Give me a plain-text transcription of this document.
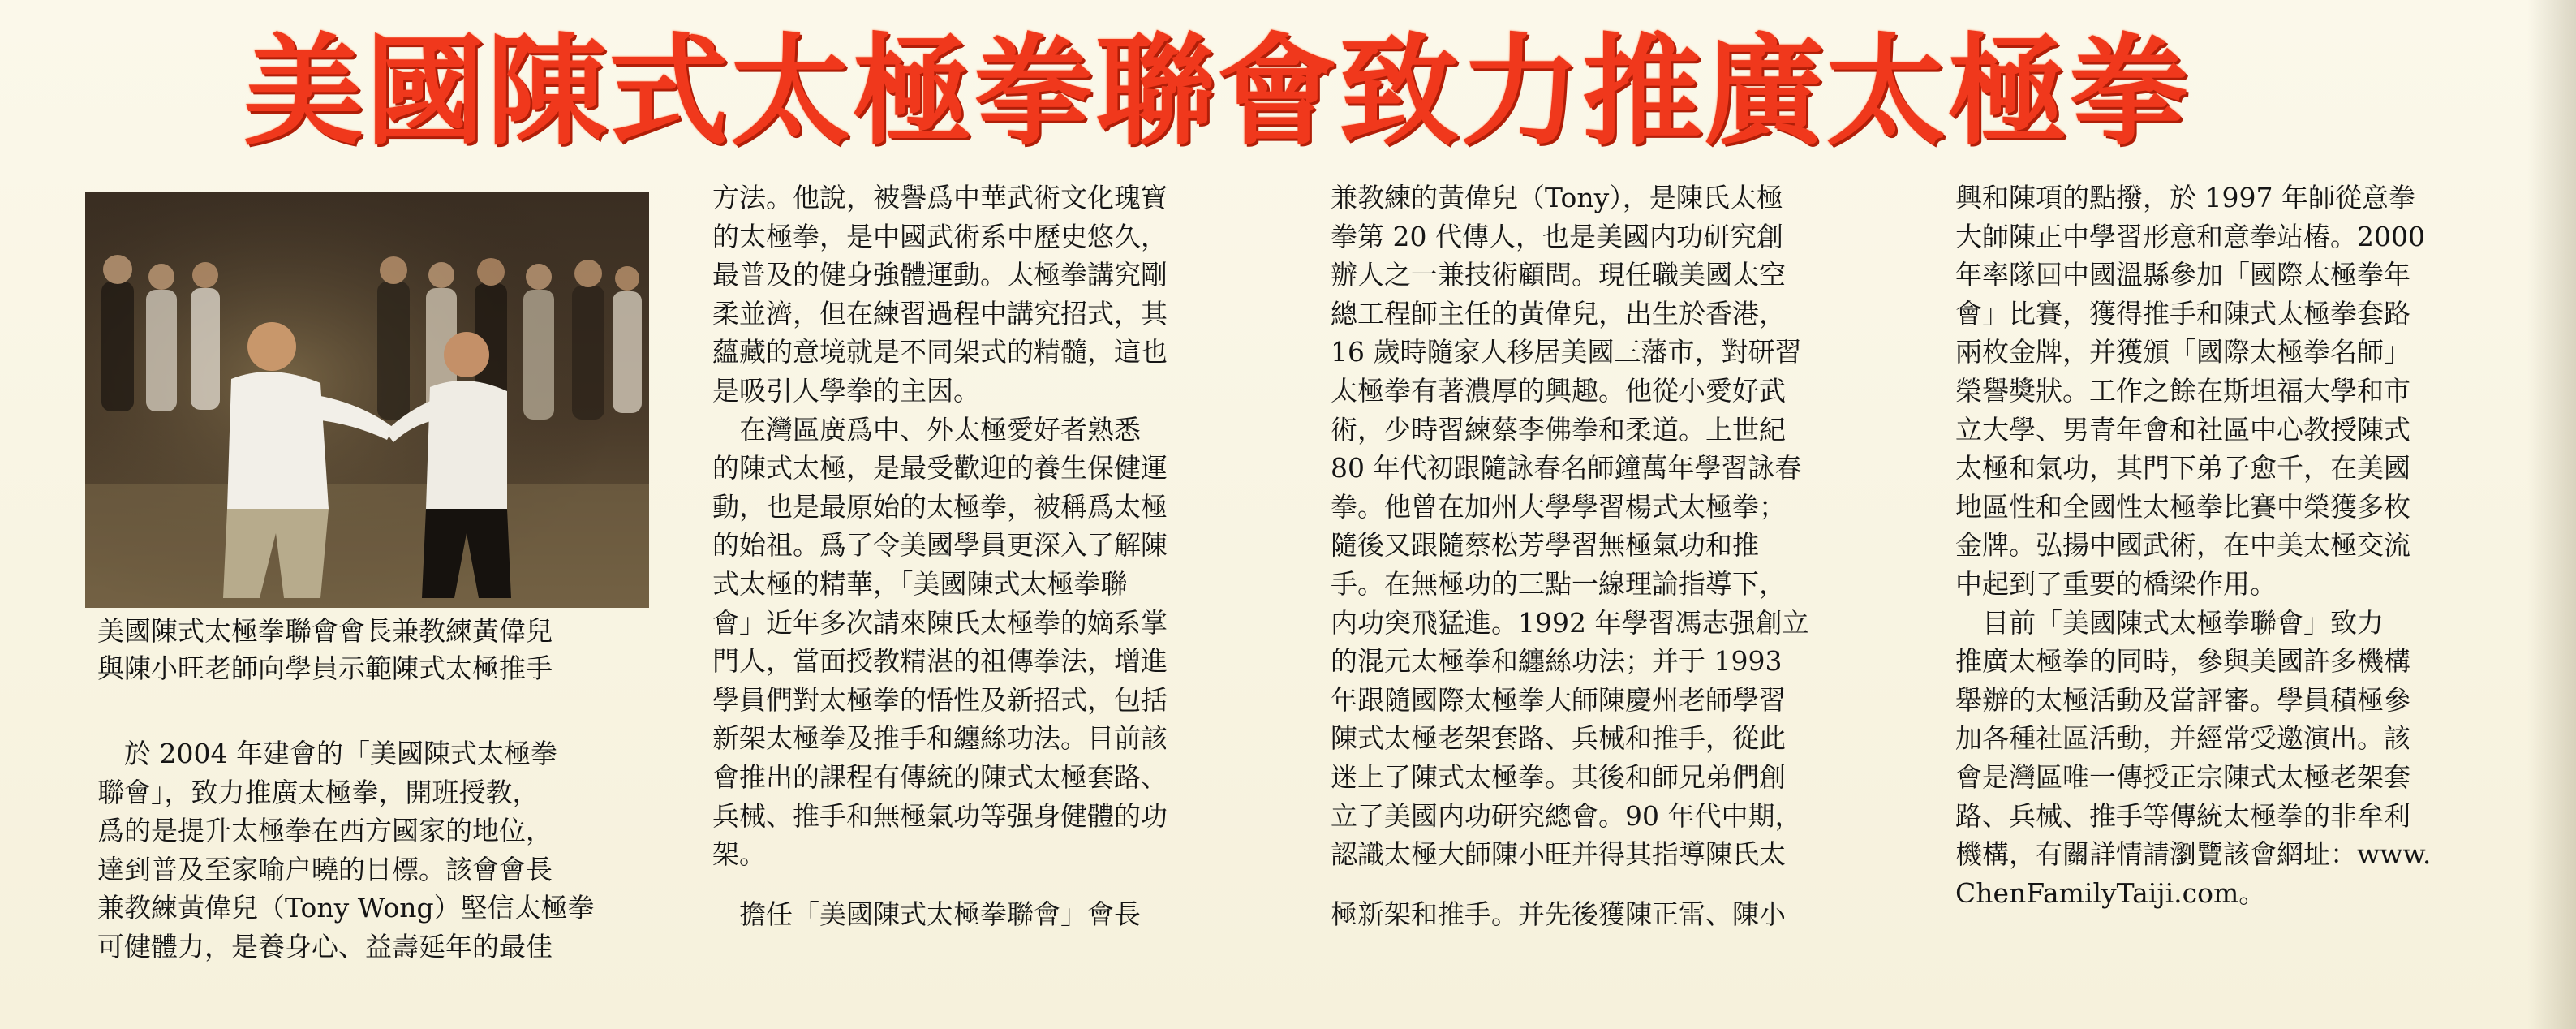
美國陳式太極拳聯會致力推廣太極拳
美國陳式太極拳聯會會長兼教練黃偉兒
與陳小旺老師向學員示範陳式太極推手
　於 2004 年建會的「美國陳式太極拳
聯會」，致力推廣太極拳，開班授教，
爲的是提升太極拳在西方國家的地位，
達到普及至家喻户曉的目標。該會會長
兼教練黃偉兒（Tony Wong）堅信太極拳
可健體力，是養身心、益壽延年的最佳
方法。他說，被譽爲中華武術文化瑰寶
的太極拳，是中國武術系中歷史悠久，
最普及的健身強體運動。太極拳講究剛
柔並濟，但在練習過程中講究招式，其
蘊藏的意境就是不同架式的精髓，這也
是吸引人學拳的主因。
　在灣區廣爲中、外太極愛好者熟悉
的陳式太極，是最受歡迎的養生保健運
動，也是最原始的太極拳，被稱爲太極
的始祖。爲了令美國學員更深入了解陳
式太極的精華，「美國陳式太極拳聯
會」近年多次請來陳氏太極拳的嫡系掌
門人，當面授教精湛的祖傳拳法，增進
學員們對太極拳的悟性及新招式，包括
新架太極拳及推手和纏絲功法。目前該
會推出的課程有傳統的陳式太極套路、
兵械、推手和無極氣功等强身健體的功
架。
　擔任「美國陳式太極拳聯會」會長
兼教練的黃偉兒（Tony），是陳氏太極
拳第 20 代傳人，也是美國内功研究創
辦人之一兼技術顧問。現任職美國太空
總工程師主任的黃偉兒，出生於香港，
16 歲時隨家人移居美國三藩市，對研習
太極拳有著濃厚的興趣。他從小愛好武
術，少時習練蔡李佛拳和柔道。上世紀
80 年代初跟隨詠春名師鐘萬年學習詠春
拳。他曾在加州大學學習楊式太極拳；
隨後又跟隨蔡松芳學習無極氣功和推
手。在無極功的三點一線理論指導下，
内功突飛猛進。1992 年學習馮志强創立
的混元太極拳和纏絲功法；并于 1993
年跟隨國際太極拳大師陳慶州老師學習
陳式太極老架套路、兵械和推手，從此
迷上了陳式太極拳。其後和師兄弟們創
立了美國内功研究總會。90 年代中期，
認識太極大師陳小旺并得其指導陳氏太
極新架和推手。并先後獲陳正雷、陳小
興和陳項的點撥，於 1997 年師從意拳
大師陳正中學習形意和意拳站樁。2000
年率隊回中國溫縣參加「國際太極拳年
會」比賽，獲得推手和陳式太極拳套路
兩枚金牌，并獲頒「國際太極拳名師」
榮譽獎狀。工作之餘在斯坦福大學和市
立大學、男青年會和社區中心教授陳式
太極和氣功，其門下弟子愈千，在美國
地區性和全國性太極拳比賽中榮獲多枚
金牌。弘揚中國武術，在中美太極交流
中起到了重要的橋梁作用。
　目前「美國陳式太極拳聯會」致力
推廣太極拳的同時，參與美國許多機構
舉辦的太極活動及當評審。學員積極參
加各種社區活動，并經常受邀演出。該
會是灣區唯一傳授正宗陳式太極老架套
路、兵械、推手等傳統太極拳的非牟利
機構，有關詳情請瀏覽該會網址：www.
ChenFamilyTaiji.com。
